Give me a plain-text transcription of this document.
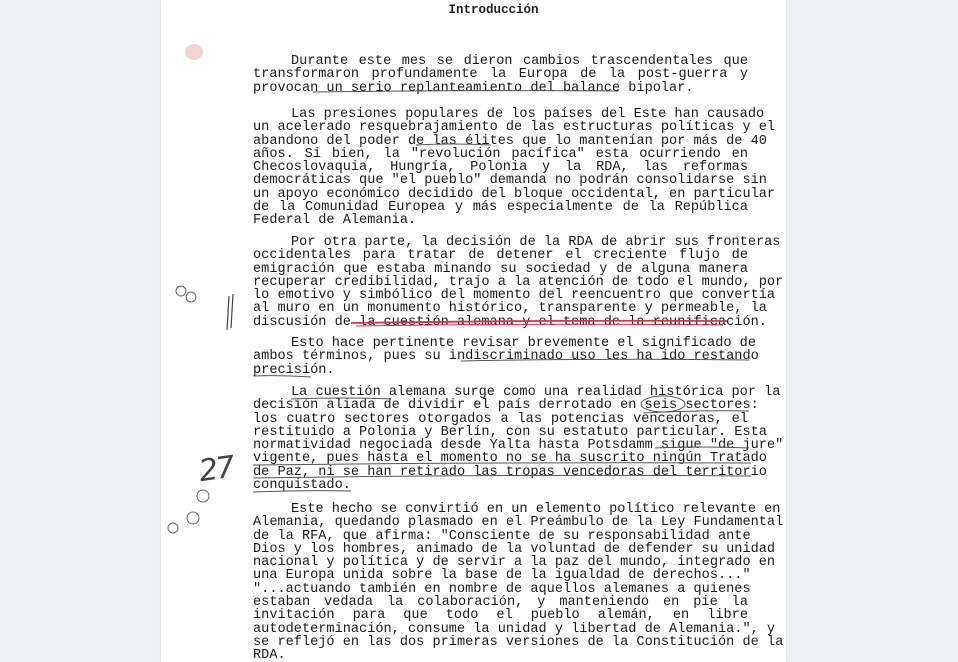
Introducción
Durante este mes se dieron cambios trascendentales que
transformaron profundamente la Europa de la post-guerra y
provocan un serio replanteamiento del balance bipolar.
Las presiones populares de los países del Este han causado
un acelerado resquebrajamiento de las estructuras políticas y el
abandono del poder de las élites que lo mantenían por más de 40
años. Si bien, la "revolución pacífica" esta ocurriendo en
Checoslovaquia, Hungría, Polonia y la RDA, las reformas
democráticas que "el pueblo" demanda no podrán consolidarse sin
un apoyo económico decidido del bloque occidental, en particular
de la Comunidad Europea y más especialmente de la República
Federal de Alemania.
Por otra parte, la decisión de la RDA de abrir sus fronteras
occidentales para tratar de detener el creciente flujo de
emigración que estaba minando su sociedad y de alguna manera
recuperar credibilidad, trajo a la atención de todo el mundo, por
lo emotivo y simbólico del momento del reencuentro que convertía
al muro en un monumento histórico, transparente y permeable, la
discusión de la cuestión alemana y el tema de la reunificación.
Esto hace pertinente revisar brevemente el significado de
ambos términos, pues su indiscriminado uso les ha ido restando
precisión.
La cuestión alemana surge como una realidad histórica por la
decisión aliada de dividir el país derrotado en seis sectores:
los cuatro sectores otorgados a las potencias vencedoras, el
restituido a Polonia y Berlín, con su estatuto particular. Esta
normatividad negociada desde Yalta hasta Potsdamm sigue "de jure"
vigente, pues hasta el momento no se ha suscrito ningún Tratado
de Paz, ni se han retirado las tropas vencedoras del territorio
conquistado.
Este hecho se convirtió en un elemento político relevante en
Alemania, quedando plasmado en el Preámbulo de la Ley Fundamental
de la RFA, que afirma: "Consciente de su responsabilidad ante
Dios y los hombres, animado de la voluntad de defender su unidad
nacional y política y de servir a la paz del mundo, integrado en
una Europa unida sobre la base de la igualdad de derechos..."
"...actuando también en nombre de aquellos alemanes a quienes
estaban vedada la colaboración, y manteniendo en pie la
invitación para que todo el pueblo alemán, en libre
autodeterminación, consume la unidad y libertad de Alemania.", y
se reflejó en las dos primeras versiones de la Constitución de la
RDA.
27
